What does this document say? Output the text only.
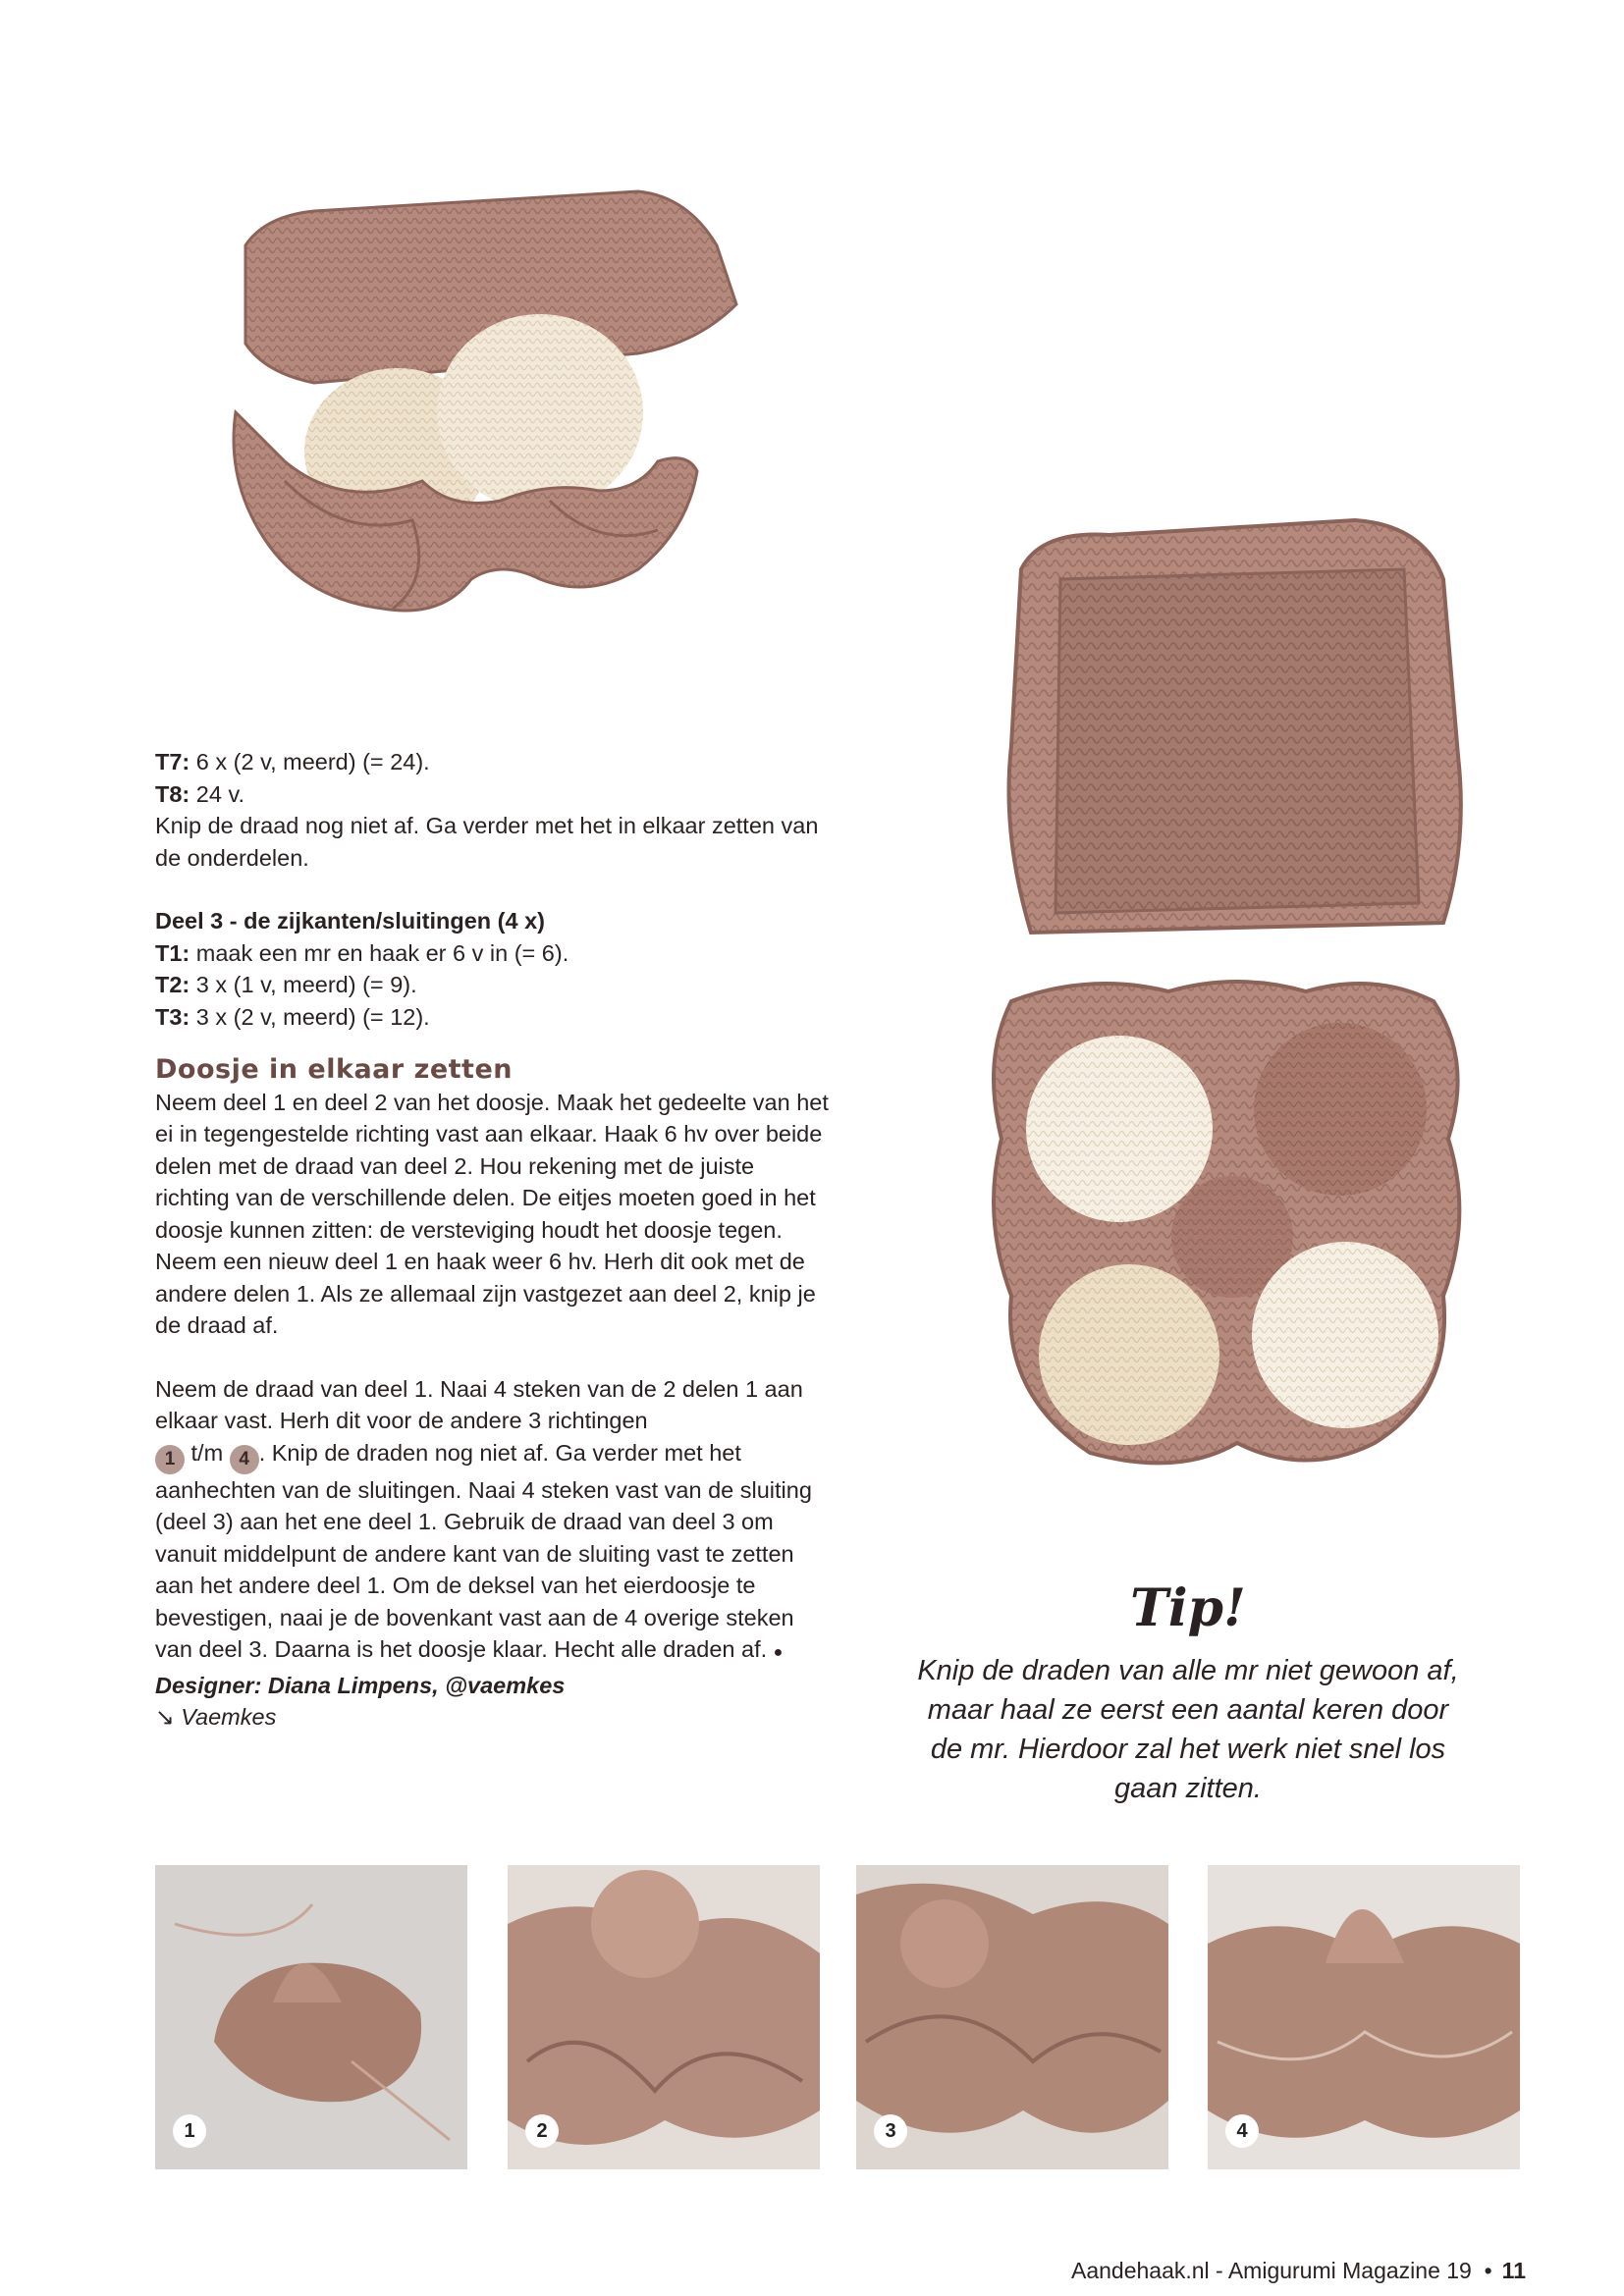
T7: 6 x (2 v, meerd) (= 24).

T8: 24 v.

Knip de draad nog niet af. Ga verder met het in elkaar zetten van de onderdelen.

Deel 3 - de zijkanten/sluitingen (4 x)

T1: maak een mr en haak er 6 v in (= 6).

T2: 3 x (1 v, meerd) (= 9).

T3: 3 x (2 v, meerd) (= 12).

Doosje in elkaar zetten

Neem deel 1 en deel 2 van het doosje. Maak het gedeelte van het ei in tegengestelde richting vast aan elkaar. Haak 6 hv over beide delen met de draad van deel 2. Hou rekening met de juiste richting van de verschillende delen. De eitjes moeten goed in het doosje kunnen zitten: de versteviging houdt het doosje tegen.

Neem een nieuw deel 1 en haak weer 6 hv. Herh dit ook met de andere delen 1. Als ze allemaal zijn vastgezet aan deel 2, knip je de draad af.

Neem de draad van deel 1. Naai 4 steken van de 2 delen 1 aan elkaar vast. Herh dit voor de andere 3 richtingen
1 t/m 4 . Knip de draden nog niet af. Ga verder met het aanhechten van de sluitingen. Naai 4 steken vast van de sluiting (deel 3) aan het ene deel 1. Gebruik de draad van deel 3 om vanuit middelpunt de andere kant van de sluiting vast te zetten aan het andere deel 1. Om de deksel van het eierdoosje te bevestigen, naai je de bovenkant vast aan de 4 overige steken van deel 3. Daarna is het doosje klaar. Hecht alle draden af. ●

Designer: Diana Limpens, @vaemkes

↘ Vaemkes

Tip!
Knip de draden van alle mr niet gewoon af, maar haal ze eerst een aantal keren door de mr. Hierdoor zal het werk niet snel los gaan zitten.
1	2	3	4
Aandehaak.nl - Amigurumi Magazine 19  • 11
